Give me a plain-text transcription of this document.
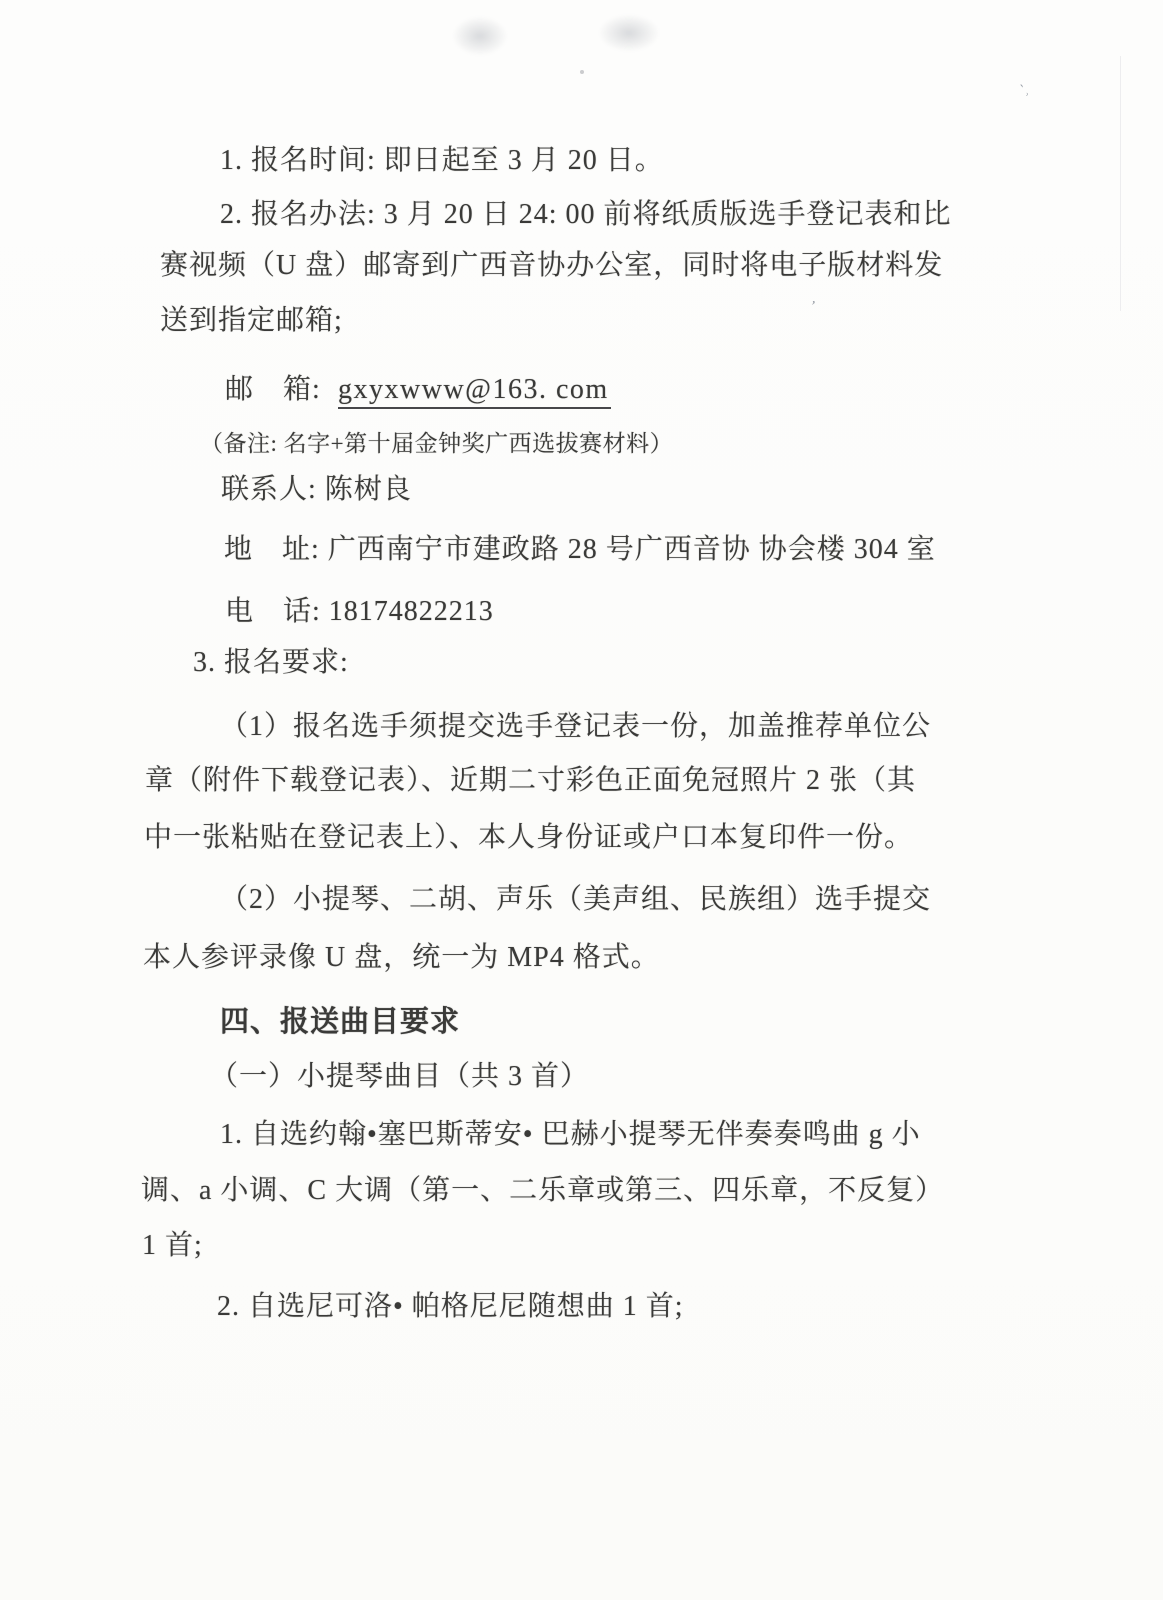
ˋ˒
ʼ
1. 报名时间: 即日起至 3 月 20 日。
2. 报名办法: 3 月 20 日 24: 00 前将纸质版选手登记表和比
赛视频（U 盘）邮寄到广西音协办公室，同时将电子版材料发
送到指定邮箱;
邮　箱: gxyxwww@163. com
（备注: 名字+第十届金钟奖广西选拔赛材料）
联系人: 陈树良
地　址: 广西南宁市建政路 28 号广西音协 协会楼 304 室
电　话: 18174822213
3. 报名要求:
（1）报名选手须提交选手登记表一份，加盖推荐单位公
章（附件下载登记表）、近期二寸彩色正面免冠照片 2 张（其
中一张粘贴在登记表上）、本人身份证或户口本复印件一份。
（2）小提琴、二胡、声乐（美声组、民族组）选手提交
本人参评录像 U 盘，统一为 MP4 格式。
四、报送曲目要求
（一）小提琴曲目（共 3 首）
1. 自选约翰•塞巴斯蒂安• 巴赫小提琴无伴奏奏鸣曲 g 小
调、a 小调、C 大调（第一、二乐章或第三、四乐章，不反复）
1 首;
2. 自选尼可洛• 帕格尼尼随想曲 1 首;
